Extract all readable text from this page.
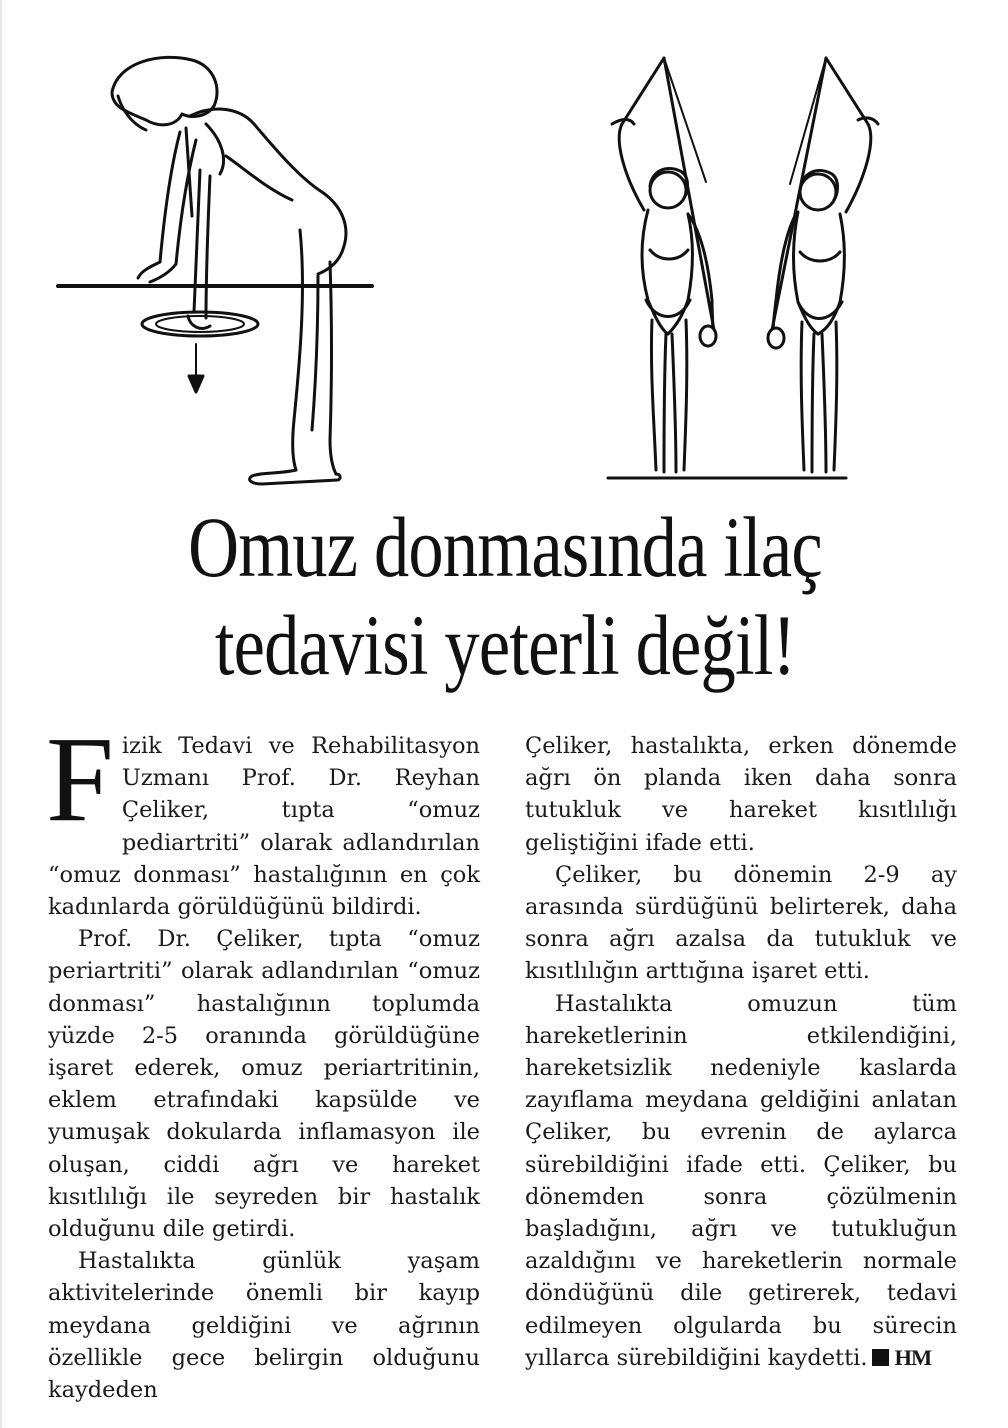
Omuz donmasında ilaç
tedavisi yeterli değil!

Fizik Tedavi ve Rehabilitasyon Uzmanı Prof. Dr. Reyhan Çeliker, tıpta “omuz pediartriti” olarak adlandırılan “omuz donması” hastalığının en çok kadınlarda görüldüğünü bildirdi.

Prof. Dr. Çeliker, tıpta “omuz periartriti” olarak adlandırılan “omuz donması” hastalığının toplumda yüzde 2-5 oranında görüldüğüne işaret ederek, omuz periartritinin, eklem etrafındaki kapsülde ve yumuşak dokularda inflamasyon ile oluşan, ciddi ağrı ve hareket kısıtlılığı ile seyreden bir hastalık olduğunu dile getirdi.

Hastalıkta günlük yaşam aktivitelerinde önemli bir kayıp meydana geldiğini ve ağrının özellikle gece belirgin olduğunu kaydeden

Çeliker, hastalıkta, erken dönemde ağrı ön planda iken daha sonra tutukluk ve hareket kısıtlılığı geliştiğini ifade etti.

Çeliker, bu dönemin 2-9 ay arasında sürdüğünü belirterek, daha sonra ağrı azalsa da tutukluk ve kısıtlılığın arttığına işaret etti.

Hastalıkta omuzun tüm hareketlerinin etkilendiğini, hareketsizlik nedeniyle kaslarda zayıflama meydana geldiğini anlatan Çeliker, bu evrenin de aylarca sürebildiğini ifade etti. Çeliker, bu dönemden sonra çözülmenin başladığını, ağrı ve tutukluğun azaldığını ve hareketlerin normale döndüğünü dile getirerek, tedavi edilmeyen olgularda bu sürecin yıllarca sürebildiğini kaydetti. HM
